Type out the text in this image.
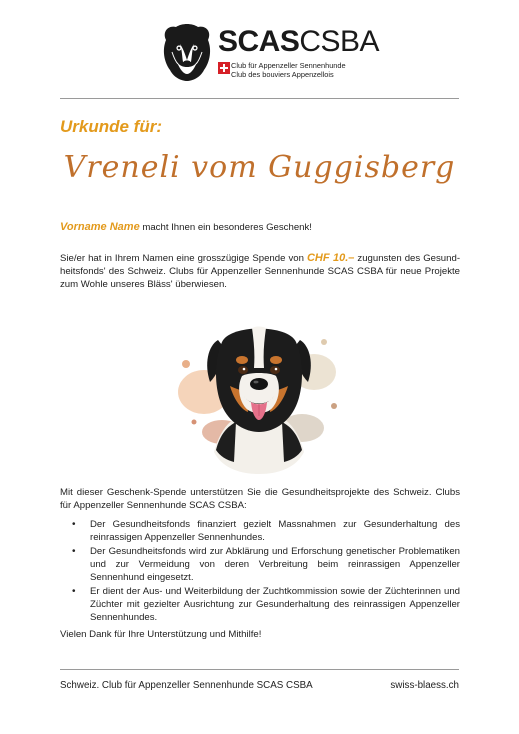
SCASCSBA
Club für Appenzeller Sennenhunde
Club des bouviers Appenzellois
Urkunde für:
Vreneli vom Guggisberg

Vorname Name macht Ihnen ein besonderes Geschenk!

Sie/er hat in Ihrem Namen eine grosszügige Spende von CHF 10.– zugunsten des Gesundheitsfonds' des Schweiz. Clubs für Appenzeller Sennenhunde SCAS CSBA für neue Projekte zum Wohle unseres Bläss' überwiesen.

Mit dieser Geschenk-Spende unterstützen Sie die Gesundheitsprojekte des Schweiz. Clubs für Appenzeller Sennenhunde SCAS CSBA:

• Der Gesundheitsfonds finanziert gezielt Massnahmen zur Gesunderhaltung des reinrassigen Appenzeller Sennenhundes.
• Der Gesundheitsfonds wird zur Abklärung und Erforschung genetischer Problematiken und zur Vermeidung von deren Verbreitung beim reinrassigen Appenzeller Sennenhund eingesetzt.
• Er dient der Aus- und Weiterbildung der Zuchtkommission sowie der Züchterinnen und Züchter mit gezielter Ausrichtung zur Gesunderhaltung des reinrassigen Appenzeller Sennenhundes.

Vielen Dank für Ihre Unterstützung und Mithilfe!

Schweiz. Club für Appenzeller Sennenhunde SCAS CSBA	swiss-blaess.ch
